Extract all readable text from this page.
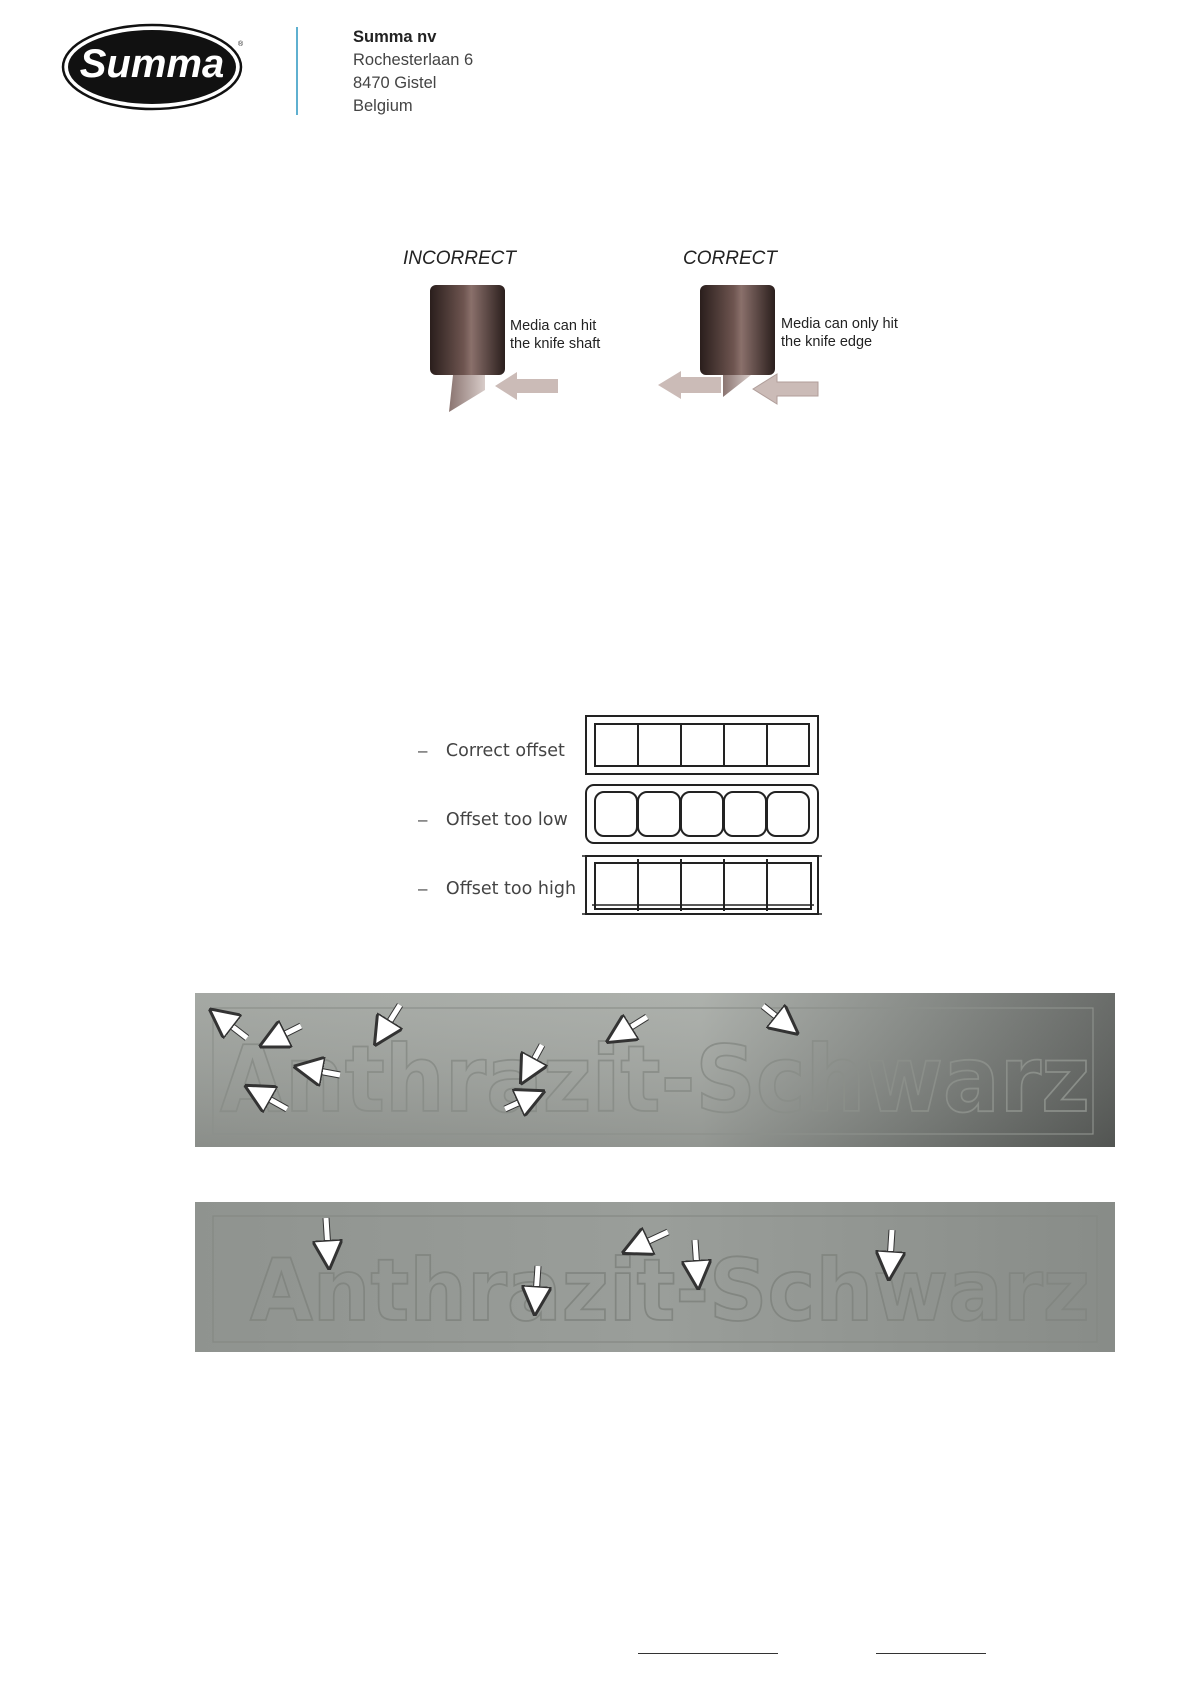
Summa ®	Summa nv
Rochesterlaan 6
8470 Gistel
Belgium
INCORRECT
Media can hit
the knife shaft
CORRECT
Media can only hit
the knife edge
– Correct offset
– Offset too low
– Offset too high
Anthrazit-Schwarz
Anthrazit-Schwarz
